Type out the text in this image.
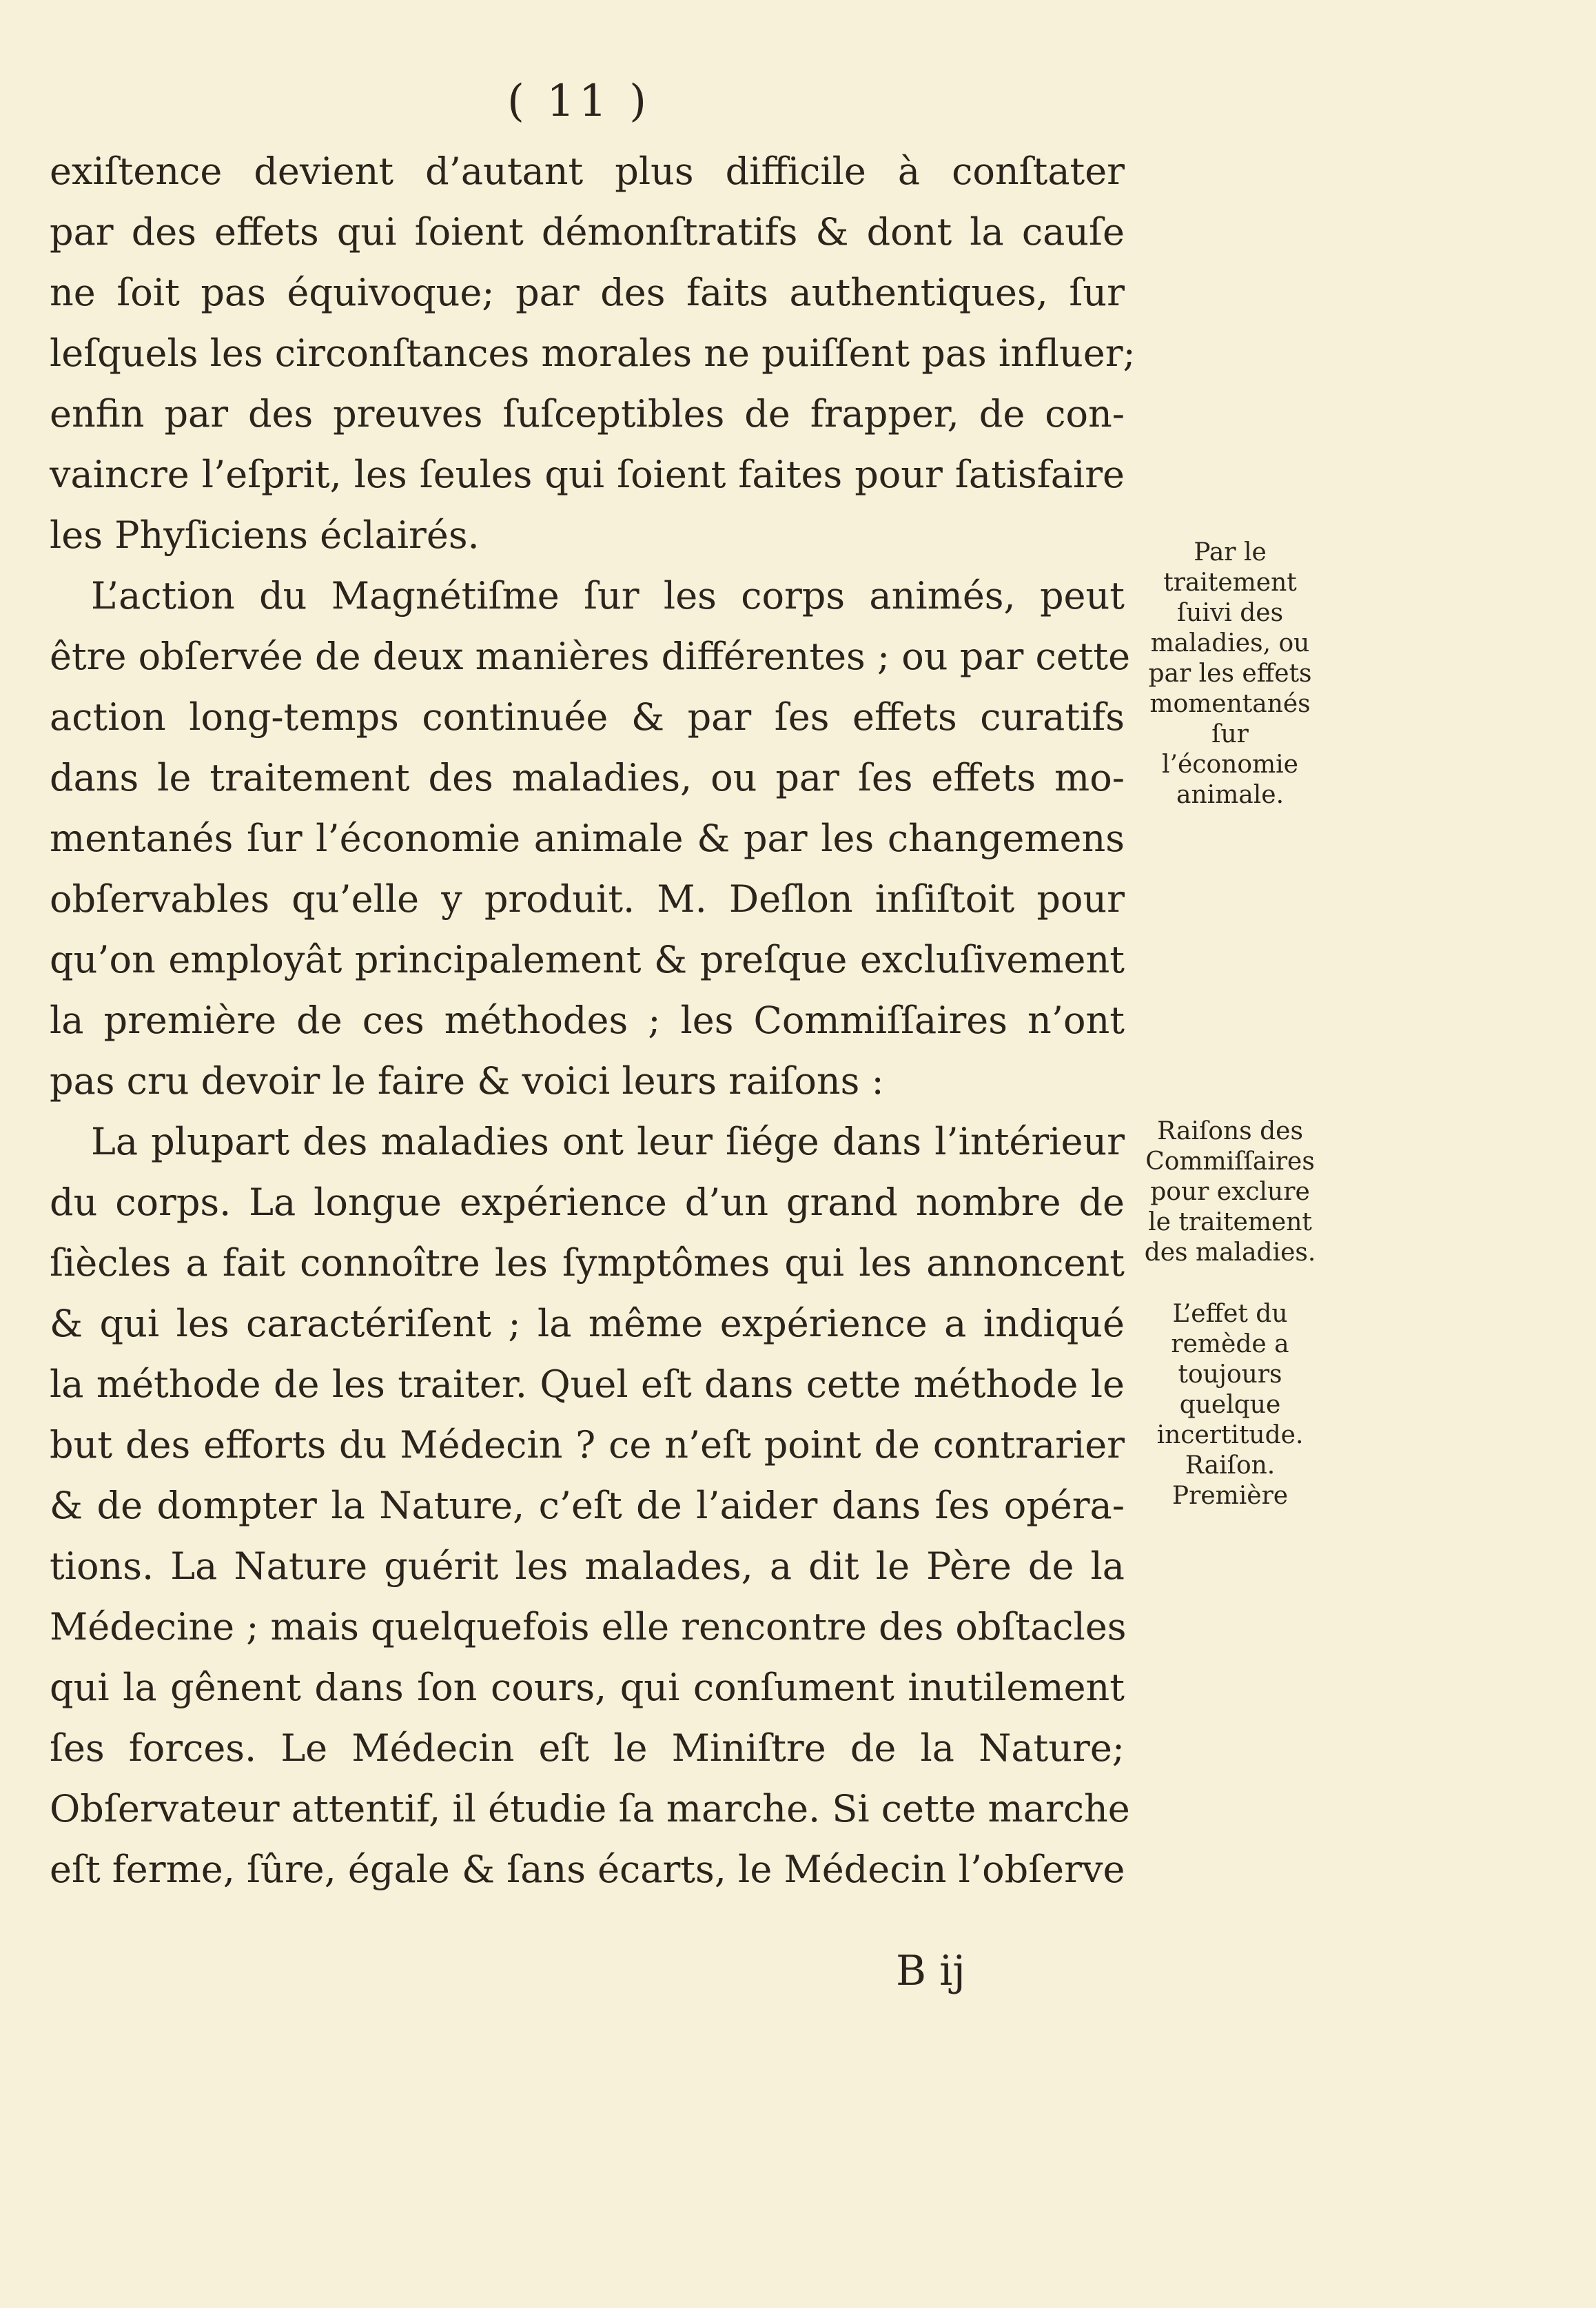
( 11 )
exiſtence devient d’autant plus difficile à conſtater
par des effets qui ſoient démonſtratifs & dont la cauſe
ne ſoit pas équivoque; par des faits authentiques, ſur
leſquels les circonſtances morales ne puiſſent pas influer;
enfin par des preuves ſuſceptibles de frapper, de con-
vaincre l’eſprit, les ſeules qui ſoient faites pour ſatisfaire
les Phyſiciens éclairés.
L’action du Magnétiſme ſur les corps animés, peut
être obſervée de deux manières différentes ; ou par cette
action long-temps continuée & par ſes effets curatifs
dans le traitement des maladies, ou par ſes effets mo-
mentanés ſur l’économie animale & par les changemens
obſervables qu’elle y produit. M. Deſlon inſiſtoit pour
qu’on employât principalement & preſque excluſivement
la première de ces méthodes ; les Commiſſaires n’ont
pas cru devoir le faire & voici leurs raiſons :
La plupart des maladies ont leur ſiége dans l’intérieur
du corps. La longue expérience d’un grand nombre de
ſiècles a fait connoître les ſymptômes qui les annoncent
& qui les caractériſent ; la même expérience a indiqué
la méthode de les traiter. Quel eſt dans cette méthode le
but des efforts du Médecin ? ce n’eſt point de contrarier
& de dompter la Nature, c’eſt de l’aider dans ſes opéra-
tions. La Nature guérit les malades, a dit le Père de la
Médecine ; mais quelquefois elle rencontre des obſtacles
qui la gênent dans ſon cours, qui conſument inutilement
ſes forces. Le Médecin eſt le Miniſtre de la Nature;
Obſervateur attentif, il étudie ſa marche. Si cette marche
eſt ferme, ſûre, égale & ſans écarts, le Médecin l’obſerve
Par le
traitement
ſuivi des
maladies, ou
par les effets
momentanés
ſur
l’économie
animale.
Raiſons des
Commiſſaires
pour exclure
le traitement
des maladies.
L’effet du
remède a
toujours
quelque
incertitude.
Raiſon.
Première
B ij
